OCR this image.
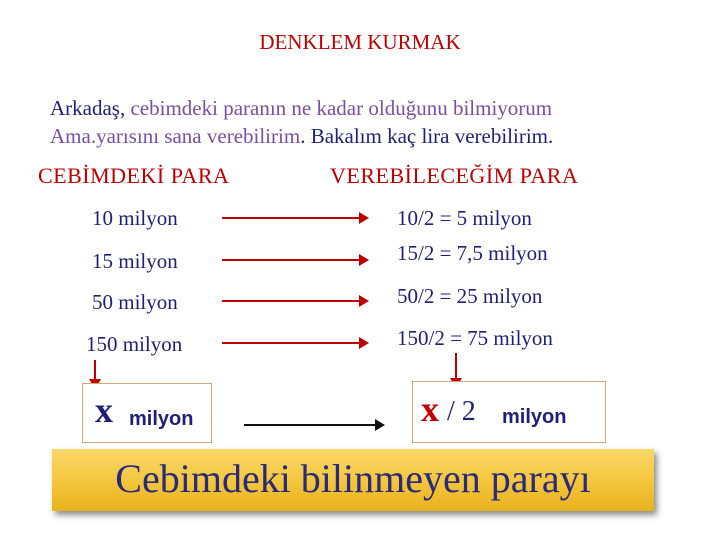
DENKLEM KURMAK
Arkadaş, cebimdeki paranın ne kadar olduğunu bilmiyorum
Ama.yarısını sana verebilirim. Bakalım kaç lira verebilirim.
CEBİMDEKİ PARA	VEREBİLECEĞİM PARA
10 milyon	10/2 = 5 milyon
15 milyon	15/2 = 7,5 milyon
50 milyon	50/2 = 25 milyon
150 milyon	150/2 = 75 milyon
x milyon	x / 2 milyon
Cebimdeki bilinmeyen parayı
